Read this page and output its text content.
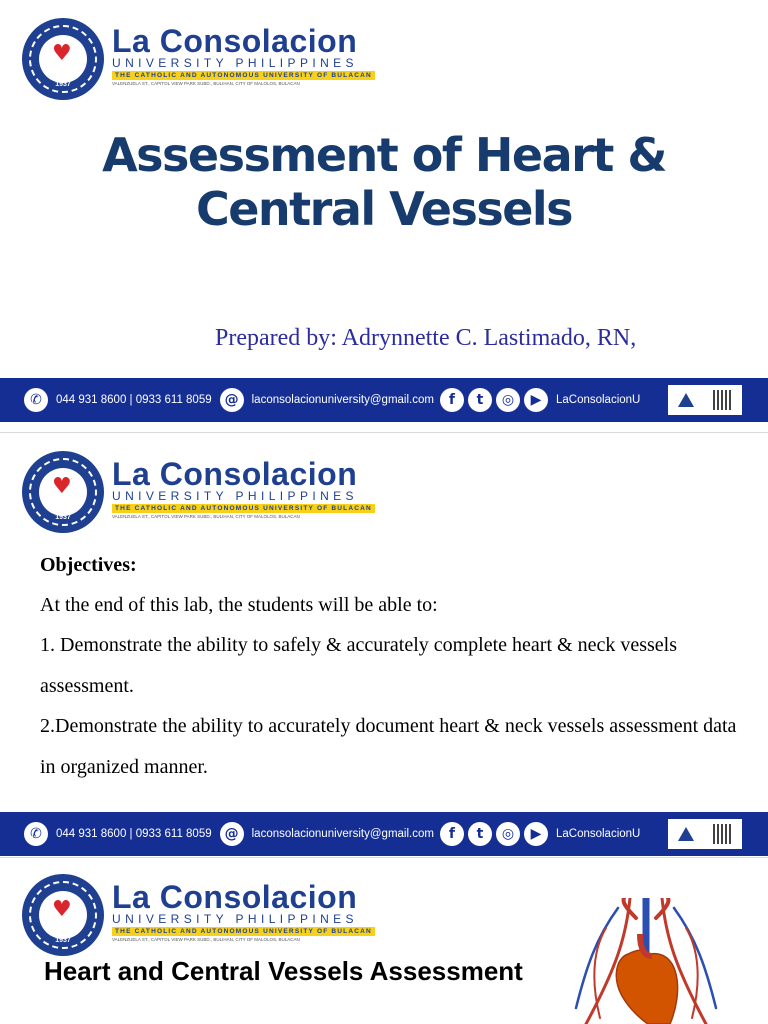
♥
1937
La Consolacion
UNIVERSITY PHILIPPINES
THE CATHOLIC AND AUTONOMOUS UNIVERSITY OF BULACAN
VALENZUELA ST., CAPITOL VIEW PARK SUBD., BULIHAN, CITY OF MALOLOS, BULACAN
Assessment of Heart & Central Vessels
Prepared by: Adrynnette C. Lastimado, RN,
✆	044 931 8600 | 0933 611 8059 @	laconsolacionuniversity@gmail.com	f	t	◎	▶	LaConsolacionU
♥
1937
La Consolacion
UNIVERSITY PHILIPPINES
THE CATHOLIC AND AUTONOMOUS UNIVERSITY OF BULACAN
VALENZUELA ST., CAPITOL VIEW PARK SUBD., BULIHAN, CITY OF MALOLOS, BULACAN
Objectives:
At the end of this lab, the students will be able to:
1. Demonstrate the ability to safely & accurately complete heart & neck vessels assessment.
2.Demonstrate the ability to accurately document heart & neck vessels assessment data in organized manner.
✆	044 931 8600 | 0933 611 8059 @	laconsolacionuniversity@gmail.com	f	t	◎	▶	LaConsolacionU
♥
1937
La Consolacion
UNIVERSITY PHILIPPINES
THE CATHOLIC AND AUTONOMOUS UNIVERSITY OF BULACAN
VALENZUELA ST., CAPITOL VIEW PARK SUBD., BULIHAN, CITY OF MALOLOS, BULACAN
Heart and Central Vessels Assessment
